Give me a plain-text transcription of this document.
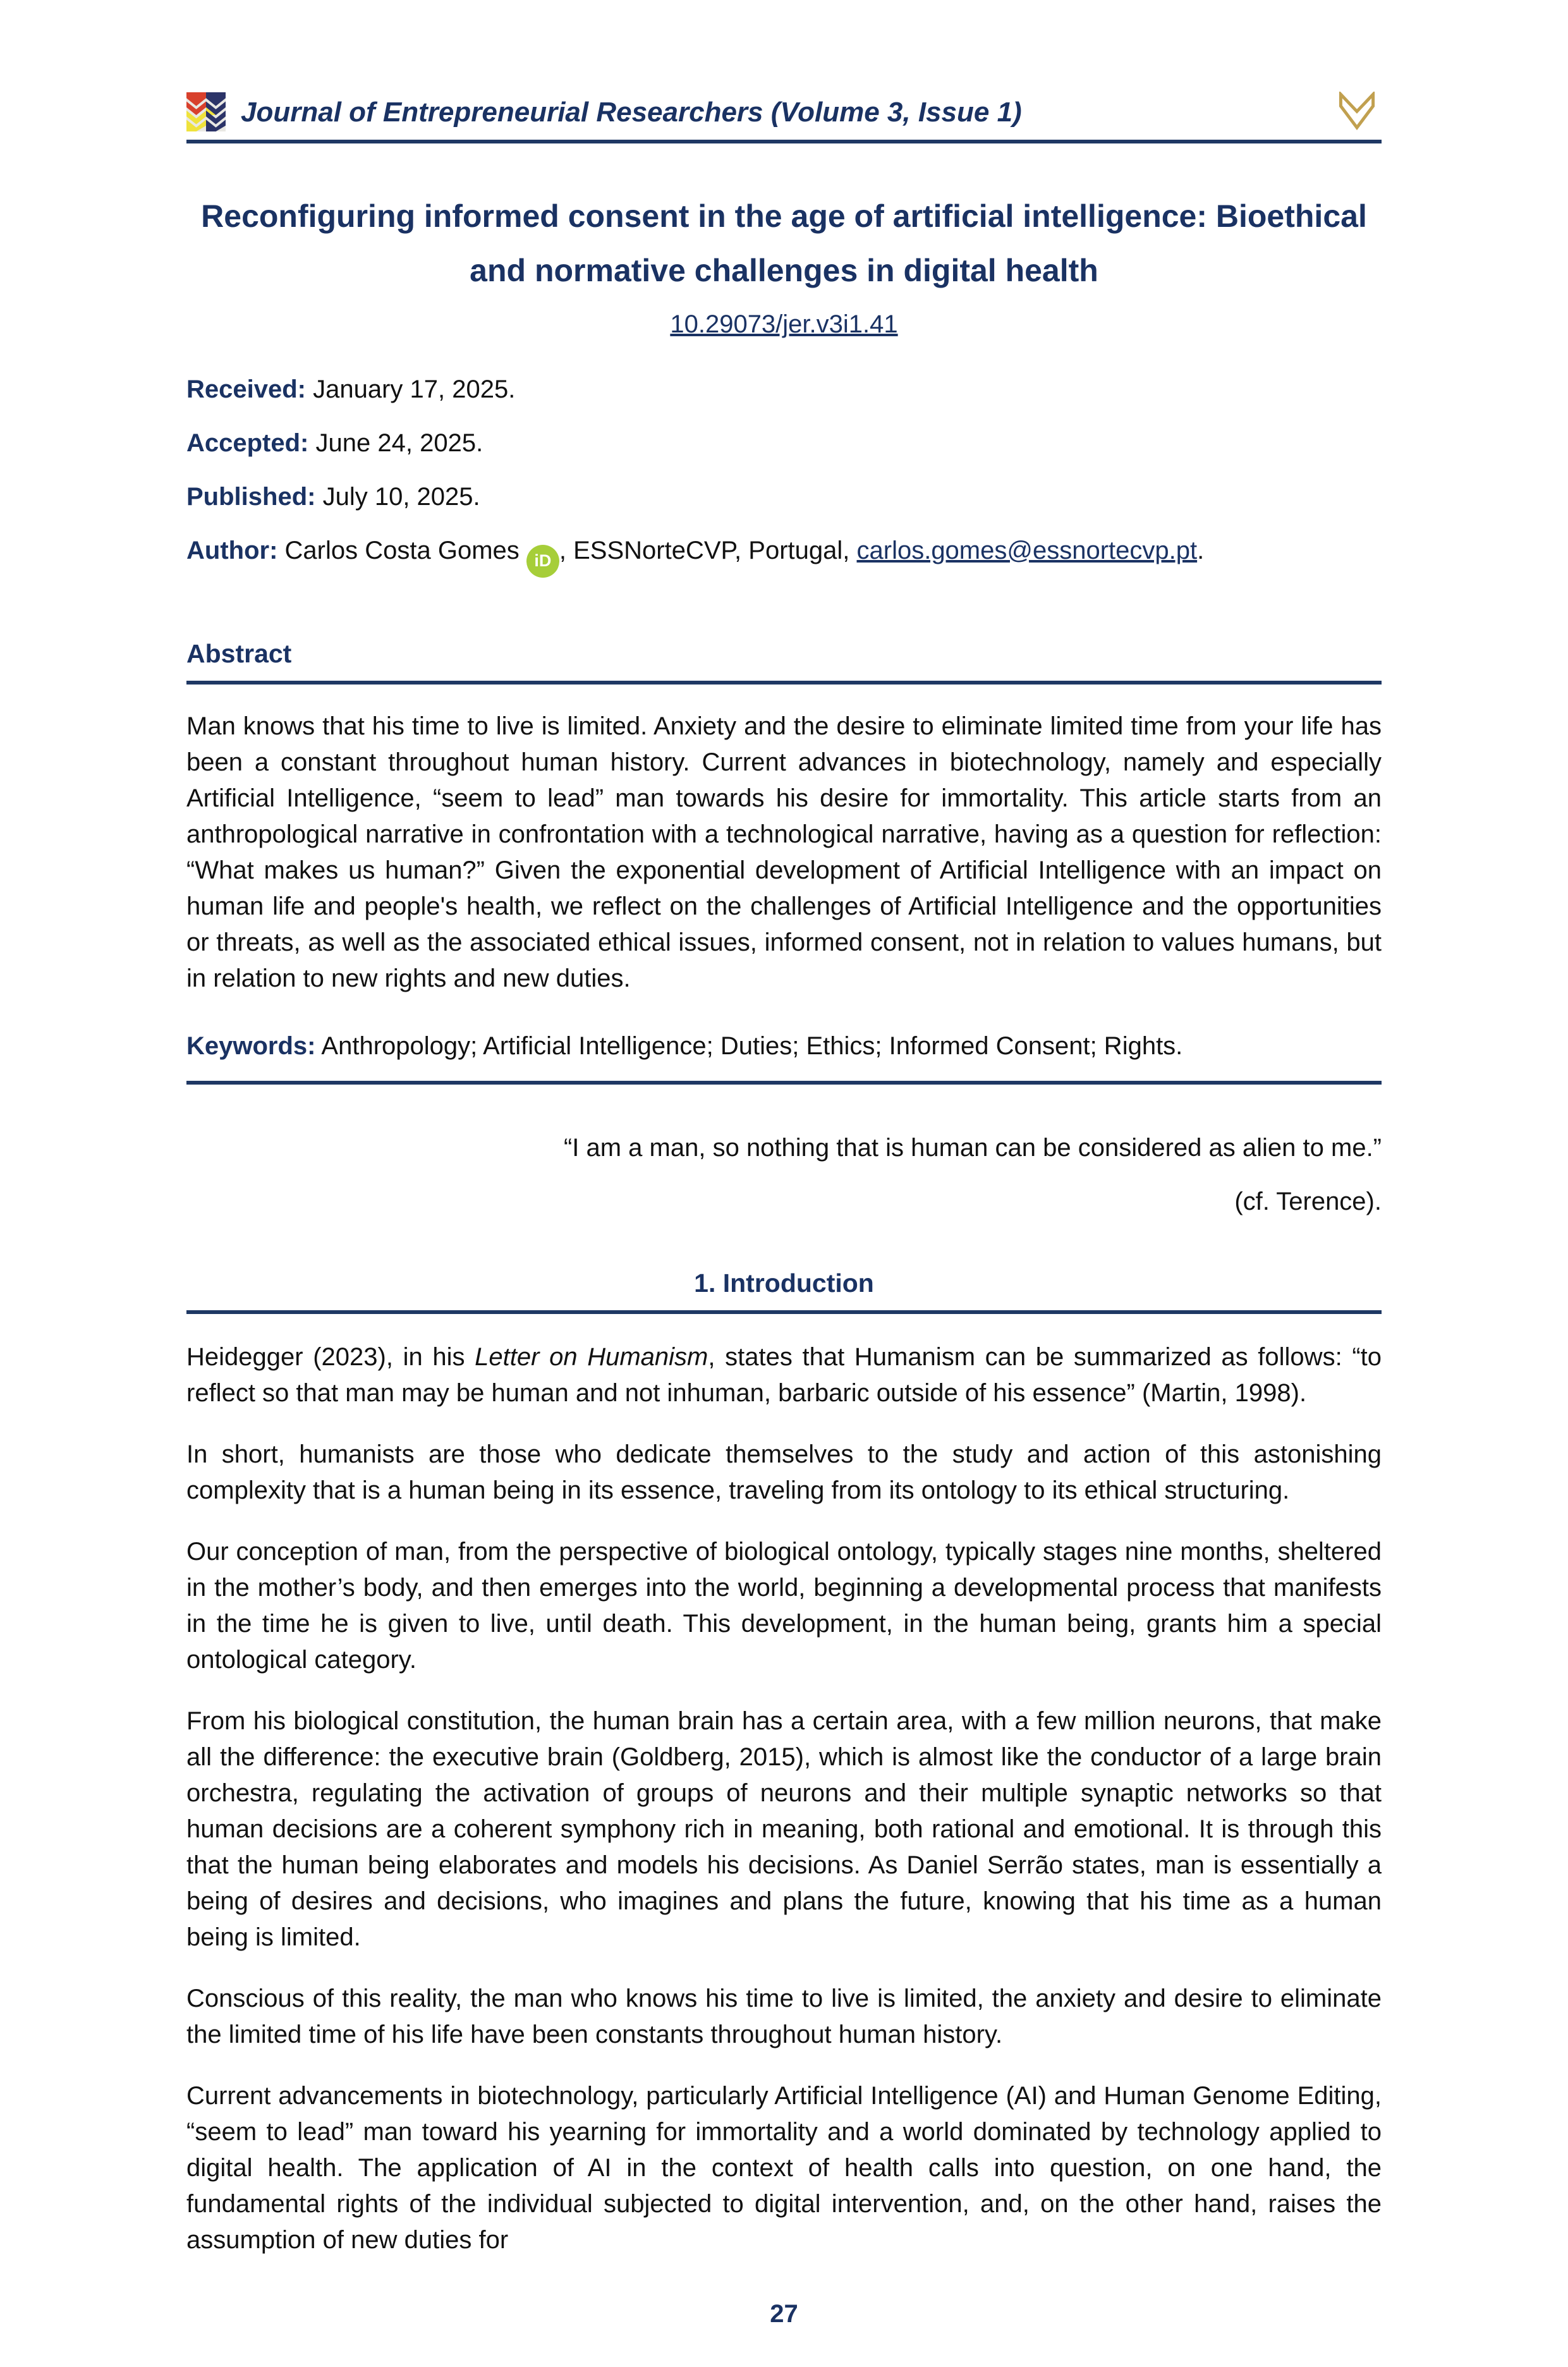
Journal of Entrepreneurial Researchers (Volume 3, Issue 1)
Reconfiguring informed consent in the age of artificial intelligence: Bioethical
and normative challenges in digital health
10.29073/jer.v3i1.41

Received: January 17, 2025.

Accepted: June 24, 2025.

Published: July 10, 2025.

Author: Carlos Costa Gomes iD , ESSNorteCVP, Portugal, carlos.gomes@essnortecvp.pt.

Abstract

Man knows that his time to live is limited. Anxiety and the desire to eliminate limited time from your life has been a constant throughout human history. Current advances in biotechnology, namely and especially Artificial Intelligence, “seem to lead” man towards his desire for immortality. This article starts from an anthropological narrative in confrontation with a technological narrative, having as a question for reflection: “What makes us human?” Given the exponential development of Artificial Intelligence with an impact on human life and people's health, we reflect on the challenges of Artificial Intelligence and the opportunities or threats, as well as the associated ethical issues, informed consent, not in relation to values humans, but in relation to new rights and new duties.

Keywords: Anthropology; Artificial Intelligence; Duties; Ethics; Informed Consent; Rights.

“I am a man, so nothing that is human can be considered as alien to me.”

(cf. Terence).

1. Introduction

Heidegger (2023), in his Letter on Humanism, states that Humanism can be summarized as follows: “to reflect so that man may be human and not inhuman, barbaric outside of his essence” (Martin, 1998).

In short, humanists are those who dedicate themselves to the study and action of this astonishing complexity that is a human being in its essence, traveling from its ontology to its ethical structuring.

Our conception of man, from the perspective of biological ontology, typically stages nine months, sheltered in the mother’s body, and then emerges into the world, beginning a developmental process that manifests in the time he is given to live, until death. This development, in the human being, grants him a special ontological category.

From his biological constitution, the human brain has a certain area, with a few million neurons, that make all the difference: the executive brain (Goldberg, 2015), which is almost like the conductor of a large brain orchestra, regulating the activation of groups of neurons and their multiple synaptic networks so that human decisions are a coherent symphony rich in meaning, both rational and emotional. It is through this that the human being elaborates and models his decisions. As Daniel Serrão states, man is essentially a being of desires and decisions, who imagines and plans the future, knowing that his time as a human being is limited.

Conscious of this reality, the man who knows his time to live is limited, the anxiety and desire to eliminate the limited time of his life have been constants throughout human history.

Current advancements in biotechnology, particularly Artificial Intelligence (AI) and Human Genome Editing, “seem to lead” man toward his yearning for immortality and a world dominated by technology applied to digital health. The application of AI in the context of health calls into question, on one hand, the fundamental rights of the individual subjected to digital intervention, and, on the other hand, raises the assumption of new duties for

27
